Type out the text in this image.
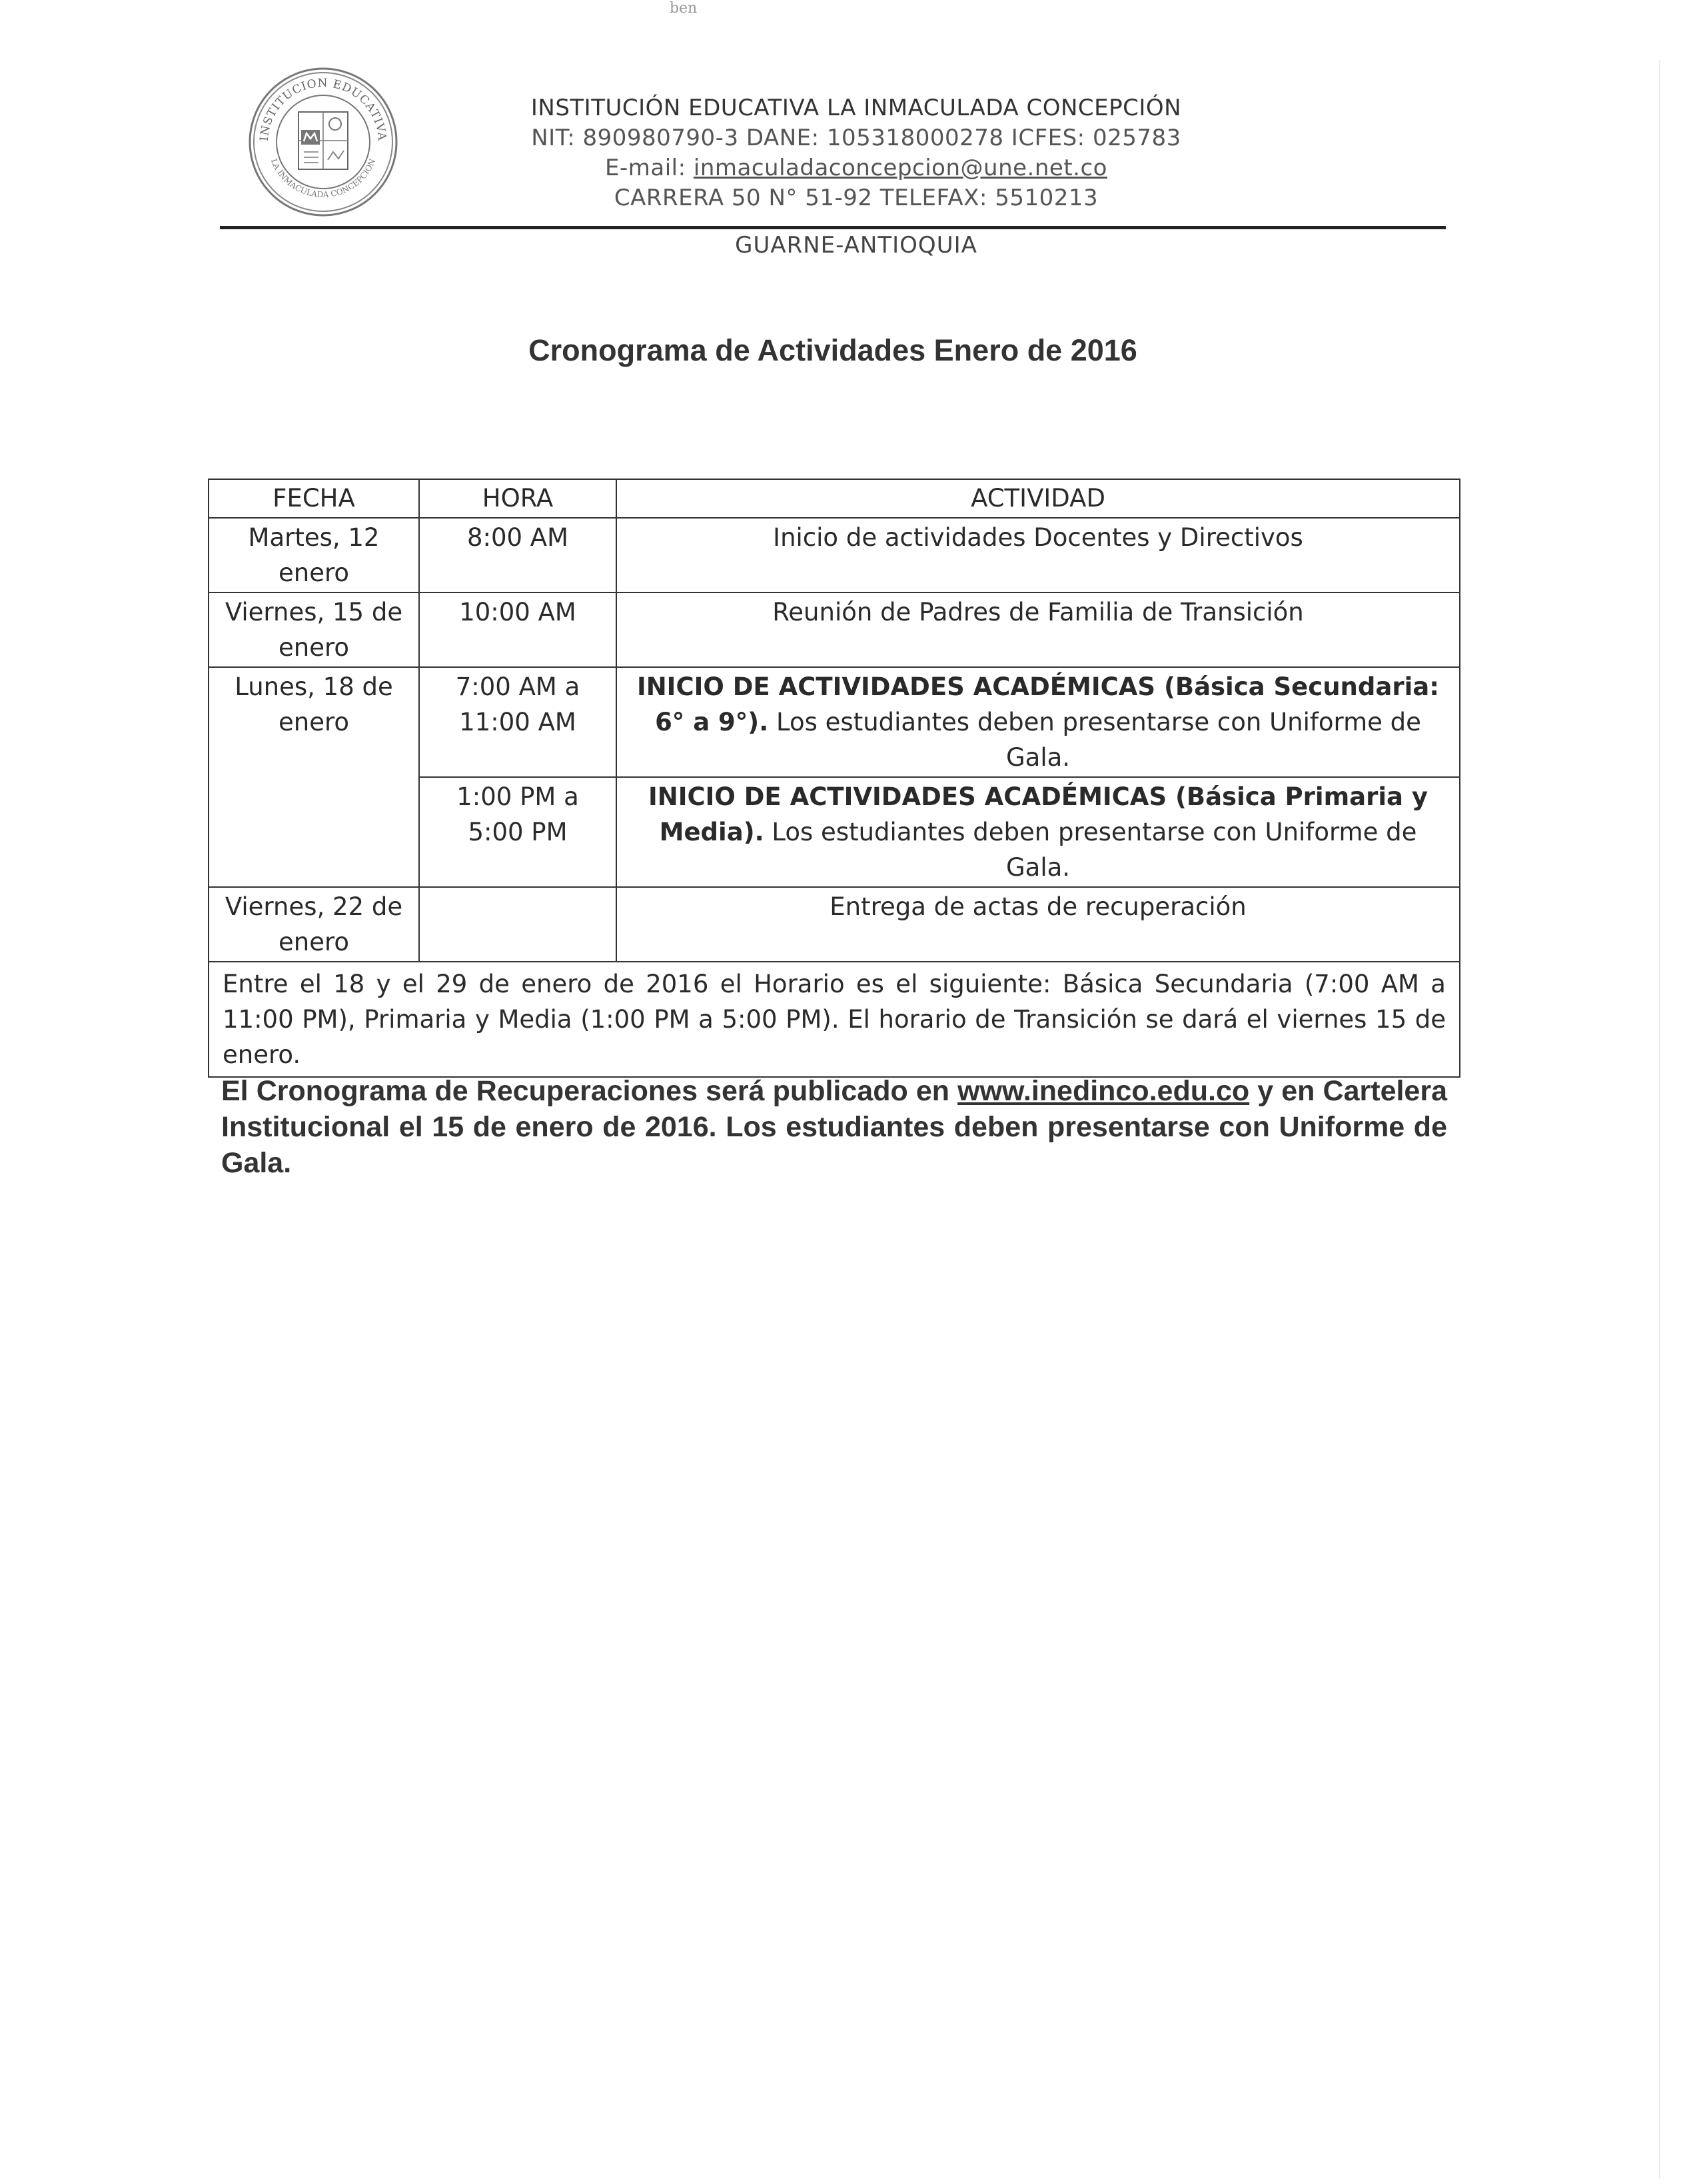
ben
INSTITUCION EDUCATIVA
LA INMACULADA CONCEPCION
INSTITUCIÓN EDUCATIVA LA INMACULADA CONCEPCIÓN
NIT: 890980790-3 DANE: 105318000278 ICFES: 025783
E-mail: inmaculadaconcepcion@une.net.co
CARRERA 50 N° 51-92 TELEFAX: 5510213
GUARNE-ANTIOQUIA
Cronograma de Actividades Enero de 2016
FECHA	HORA	ACTIVIDAD
Martes, 12 enero	8:00 AM	Inicio de actividades Docentes y Directivos
Viernes, 15 de enero	10:00 AM	Reunión de Padres de Familia de Transición
Lunes, 18 de enero	7:00 AM a 11:00 AM	INICIO DE ACTIVIDADES ACADÉMICAS (Básica Secundaria: 6° a 9°). Los estudiantes deben presentarse con Uniforme de Gala.
	1:00 PM a 5:00 PM	INICIO DE ACTIVIDADES ACADÉMICAS (Básica Primaria y Media). Los estudiantes deben presentarse con Uniforme de Gala.
Viernes, 22 de enero		Entrega de actas de recuperación
Entre el 18 y el 29 de enero de 2016 el Horario es el siguiente: Básica Secundaria (7:00 AM a 11:00 PM), Primaria y Media (1:00 PM a 5:00 PM). El horario de Transición se dará el viernes 15 de enero.		
El Cronograma de Recuperaciones será publicado en www.inedinco.edu.co y en Cartelera Institucional el 15 de enero de 2016. Los estudiantes deben presentarse con Uniforme de Gala.
